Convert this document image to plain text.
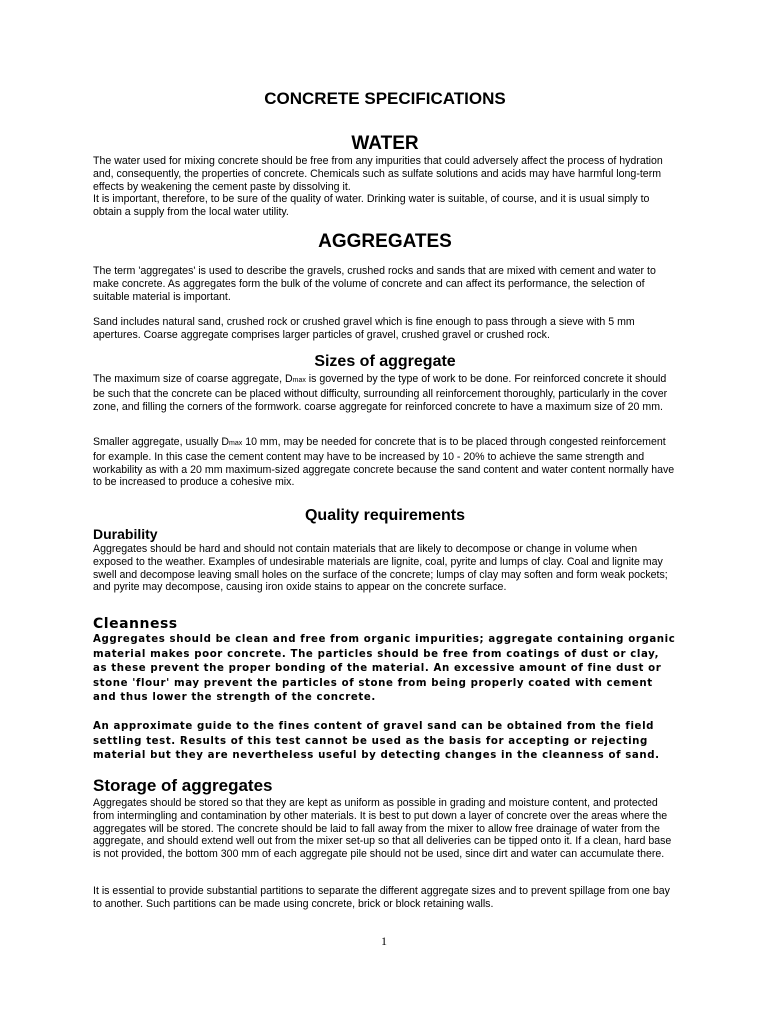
CONCRETE SPECIFICATIONS
WATER

The water used for mixing concrete should be free from any impurities that could adversely affect the process of hydration and, consequently, the properties of concrete. Chemicals such as sulfate solutions and acids may have harmful long-term effects by weakening the cement paste by dissolving it.

It is important, therefore, to be sure of the quality of water. Drinking water is suitable, of course, and it is usual simply to obtain a supply from the local water utility.

AGGREGATES

The term 'aggregates' is used to describe the gravels, crushed rocks and sands that are mixed with cement and water to make concrete. As aggregates form the bulk of the volume of concrete and can affect its performance, the selection of suitable material is important.

Sand includes natural sand, crushed rock or crushed gravel which is fine enough to pass through a sieve with 5 mm apertures. Coarse aggregate comprises larger particles of gravel, crushed gravel or crushed rock.

Sizes of aggregate

The maximum size of coarse aggregate, Dmax is governed by the type of work to be done. For reinforced concrete it should be such that the concrete can be placed without difficulty, surrounding all reinforcement thoroughly, particularly in the cover zone, and filling the corners of the formwork. coarse aggregate for reinforced concrete to have a maximum size of 20 mm.

Smaller aggregate, usually Dmax 10 mm, may be needed for concrete that is to be placed through congested reinforcement for example. In this case the cement content may have to be increased by 10 - 20% to achieve the same strength and workability as with a 20 mm maximum-sized aggregate concrete because the sand content and water content normally have to be increased to produce a cohesive mix.

Quality requirements
Durability

Aggregates should be hard and should not contain materials that are likely to decompose or change in volume when exposed to the weather. Examples of undesirable materials are lignite, coal, pyrite and lumps of clay. Coal and lignite may swell and decompose leaving small holes on the surface of the concrete; lumps of clay may soften and form weak pockets; and pyrite may decompose, causing iron oxide stains to appear on the concrete surface.

Cleanness

Aggregates should be clean and free from organic impurities; aggregate containing organic material makes poor concrete. The particles should be free from coatings of dust or clay, as these prevent the proper bonding of the material. An excessive amount of fine dust or stone 'flour' may prevent the particles of stone from being properly coated with cement and thus lower the strength of the concrete.

An approximate guide to the fines content of gravel sand can be obtained from the field settling test. Results of this test cannot be used as the basis for accepting or rejecting material but they are nevertheless useful by detecting changes in the cleanness of sand.

Storage of aggregates

Aggregates should be stored so that they are kept as uniform as possible in grading and moisture content, and protected from intermingling and contamination by other materials. It is best to put down a layer of concrete over the areas where the aggregates will be stored. The concrete should be laid to fall away from the mixer to allow free drainage of water from the aggregate, and should extend well out from the mixer set-up so that all deliveries can be tipped onto it. If a clean, hard base is not provided, the bottom 300 mm of each aggregate pile should not be used, since dirt and water can accumulate there.

It is essential to provide substantial partitions to separate the different aggregate sizes and to prevent spillage from one bay to another. Such partitions can be made using concrete, brick or block retaining walls.

1
